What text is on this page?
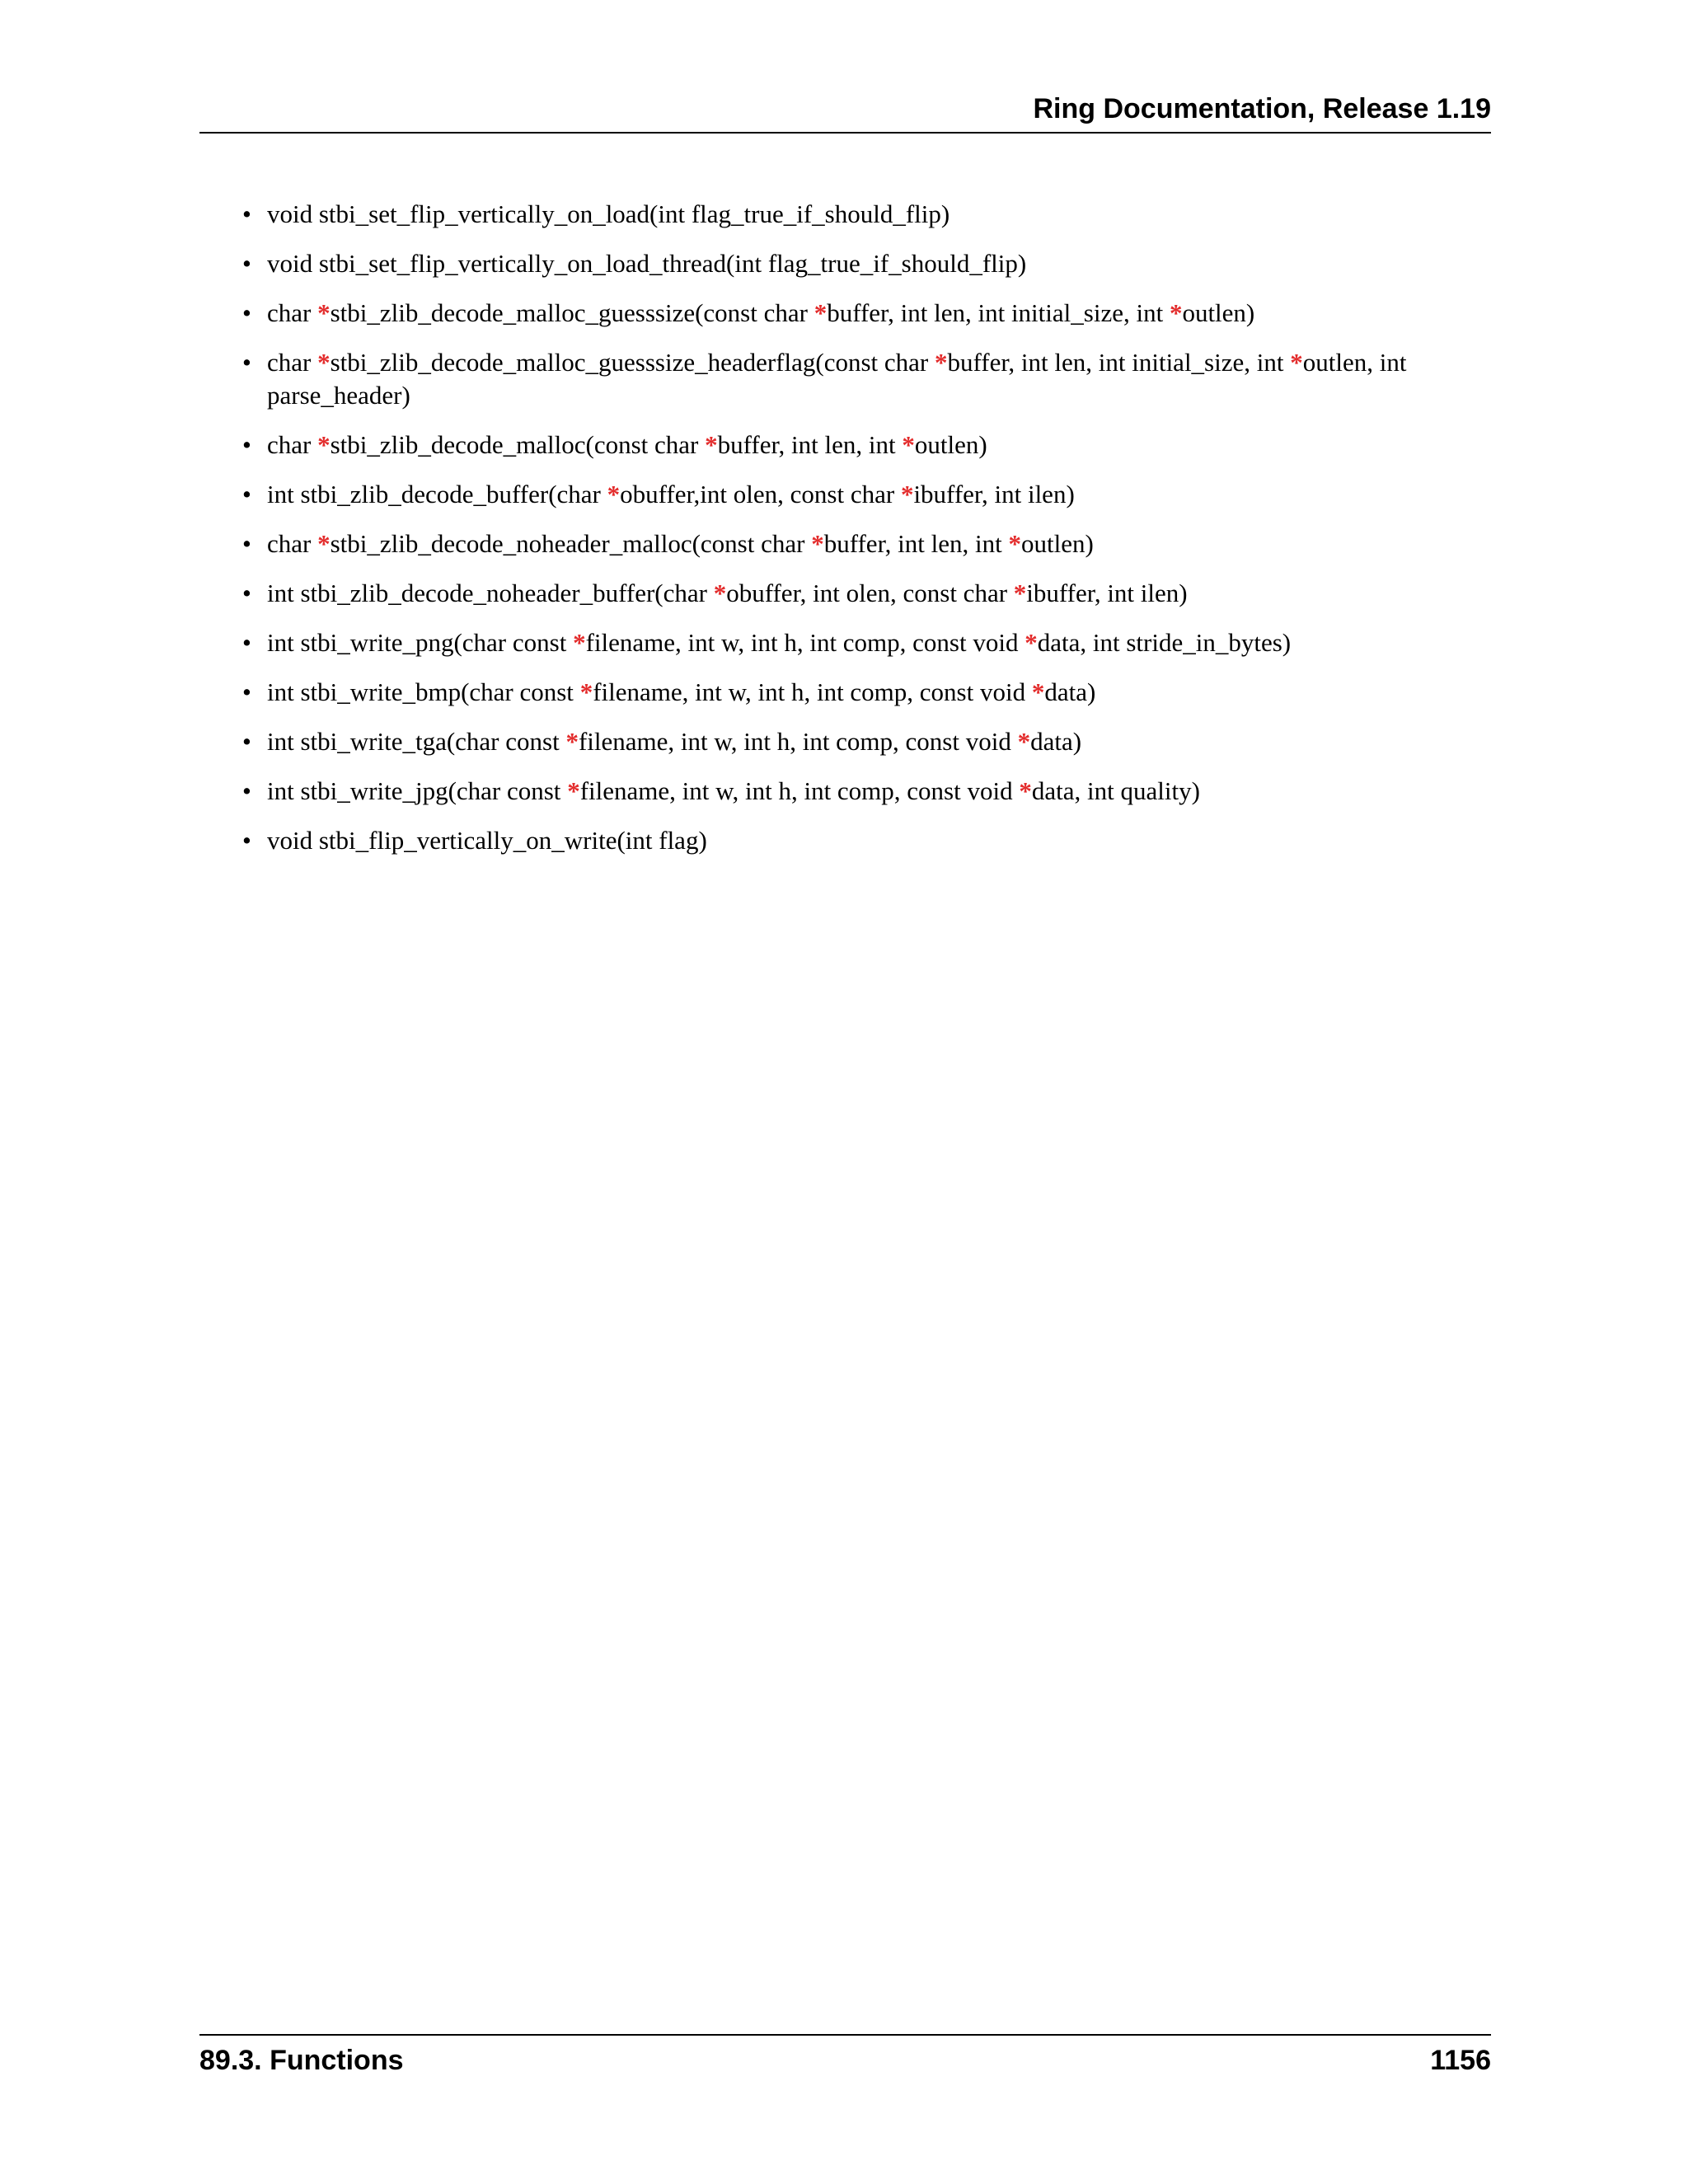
Ring Documentation, Release 1.19
• void stbi_set_flip_vertically_on_load(int flag_true_if_should_flip)
• void stbi_set_flip_vertically_on_load_thread(int flag_true_if_should_flip)
• char *stbi_zlib_decode_malloc_guesssize(const char *buffer, int len, int initial_size, int *outlen)
• char *stbi_zlib_decode_malloc_guesssize_headerflag(const char *buffer, int len, int initial_size, int *outlen, int parse_header)
• char *stbi_zlib_decode_malloc(const char *buffer, int len, int *outlen)
• int stbi_zlib_decode_buffer(char *obuffer,int olen, const char *ibuffer, int ilen)
• char *stbi_zlib_decode_noheader_malloc(const char *buffer, int len, int *outlen)
• int stbi_zlib_decode_noheader_buffer(char *obuffer, int olen, const char *ibuffer, int ilen)
• int stbi_write_png(char const *filename, int w, int h, int comp, const void *data, int stride_in_bytes)
• int stbi_write_bmp(char const *filename, int w, int h, int comp, const void *data)
• int stbi_write_tga(char const *filename, int w, int h, int comp, const void *data)
• int stbi_write_jpg(char const *filename, int w, int h, int comp, const void *data, int quality)
• void stbi_flip_vertically_on_write(int flag)
89.3. Functions	1156
